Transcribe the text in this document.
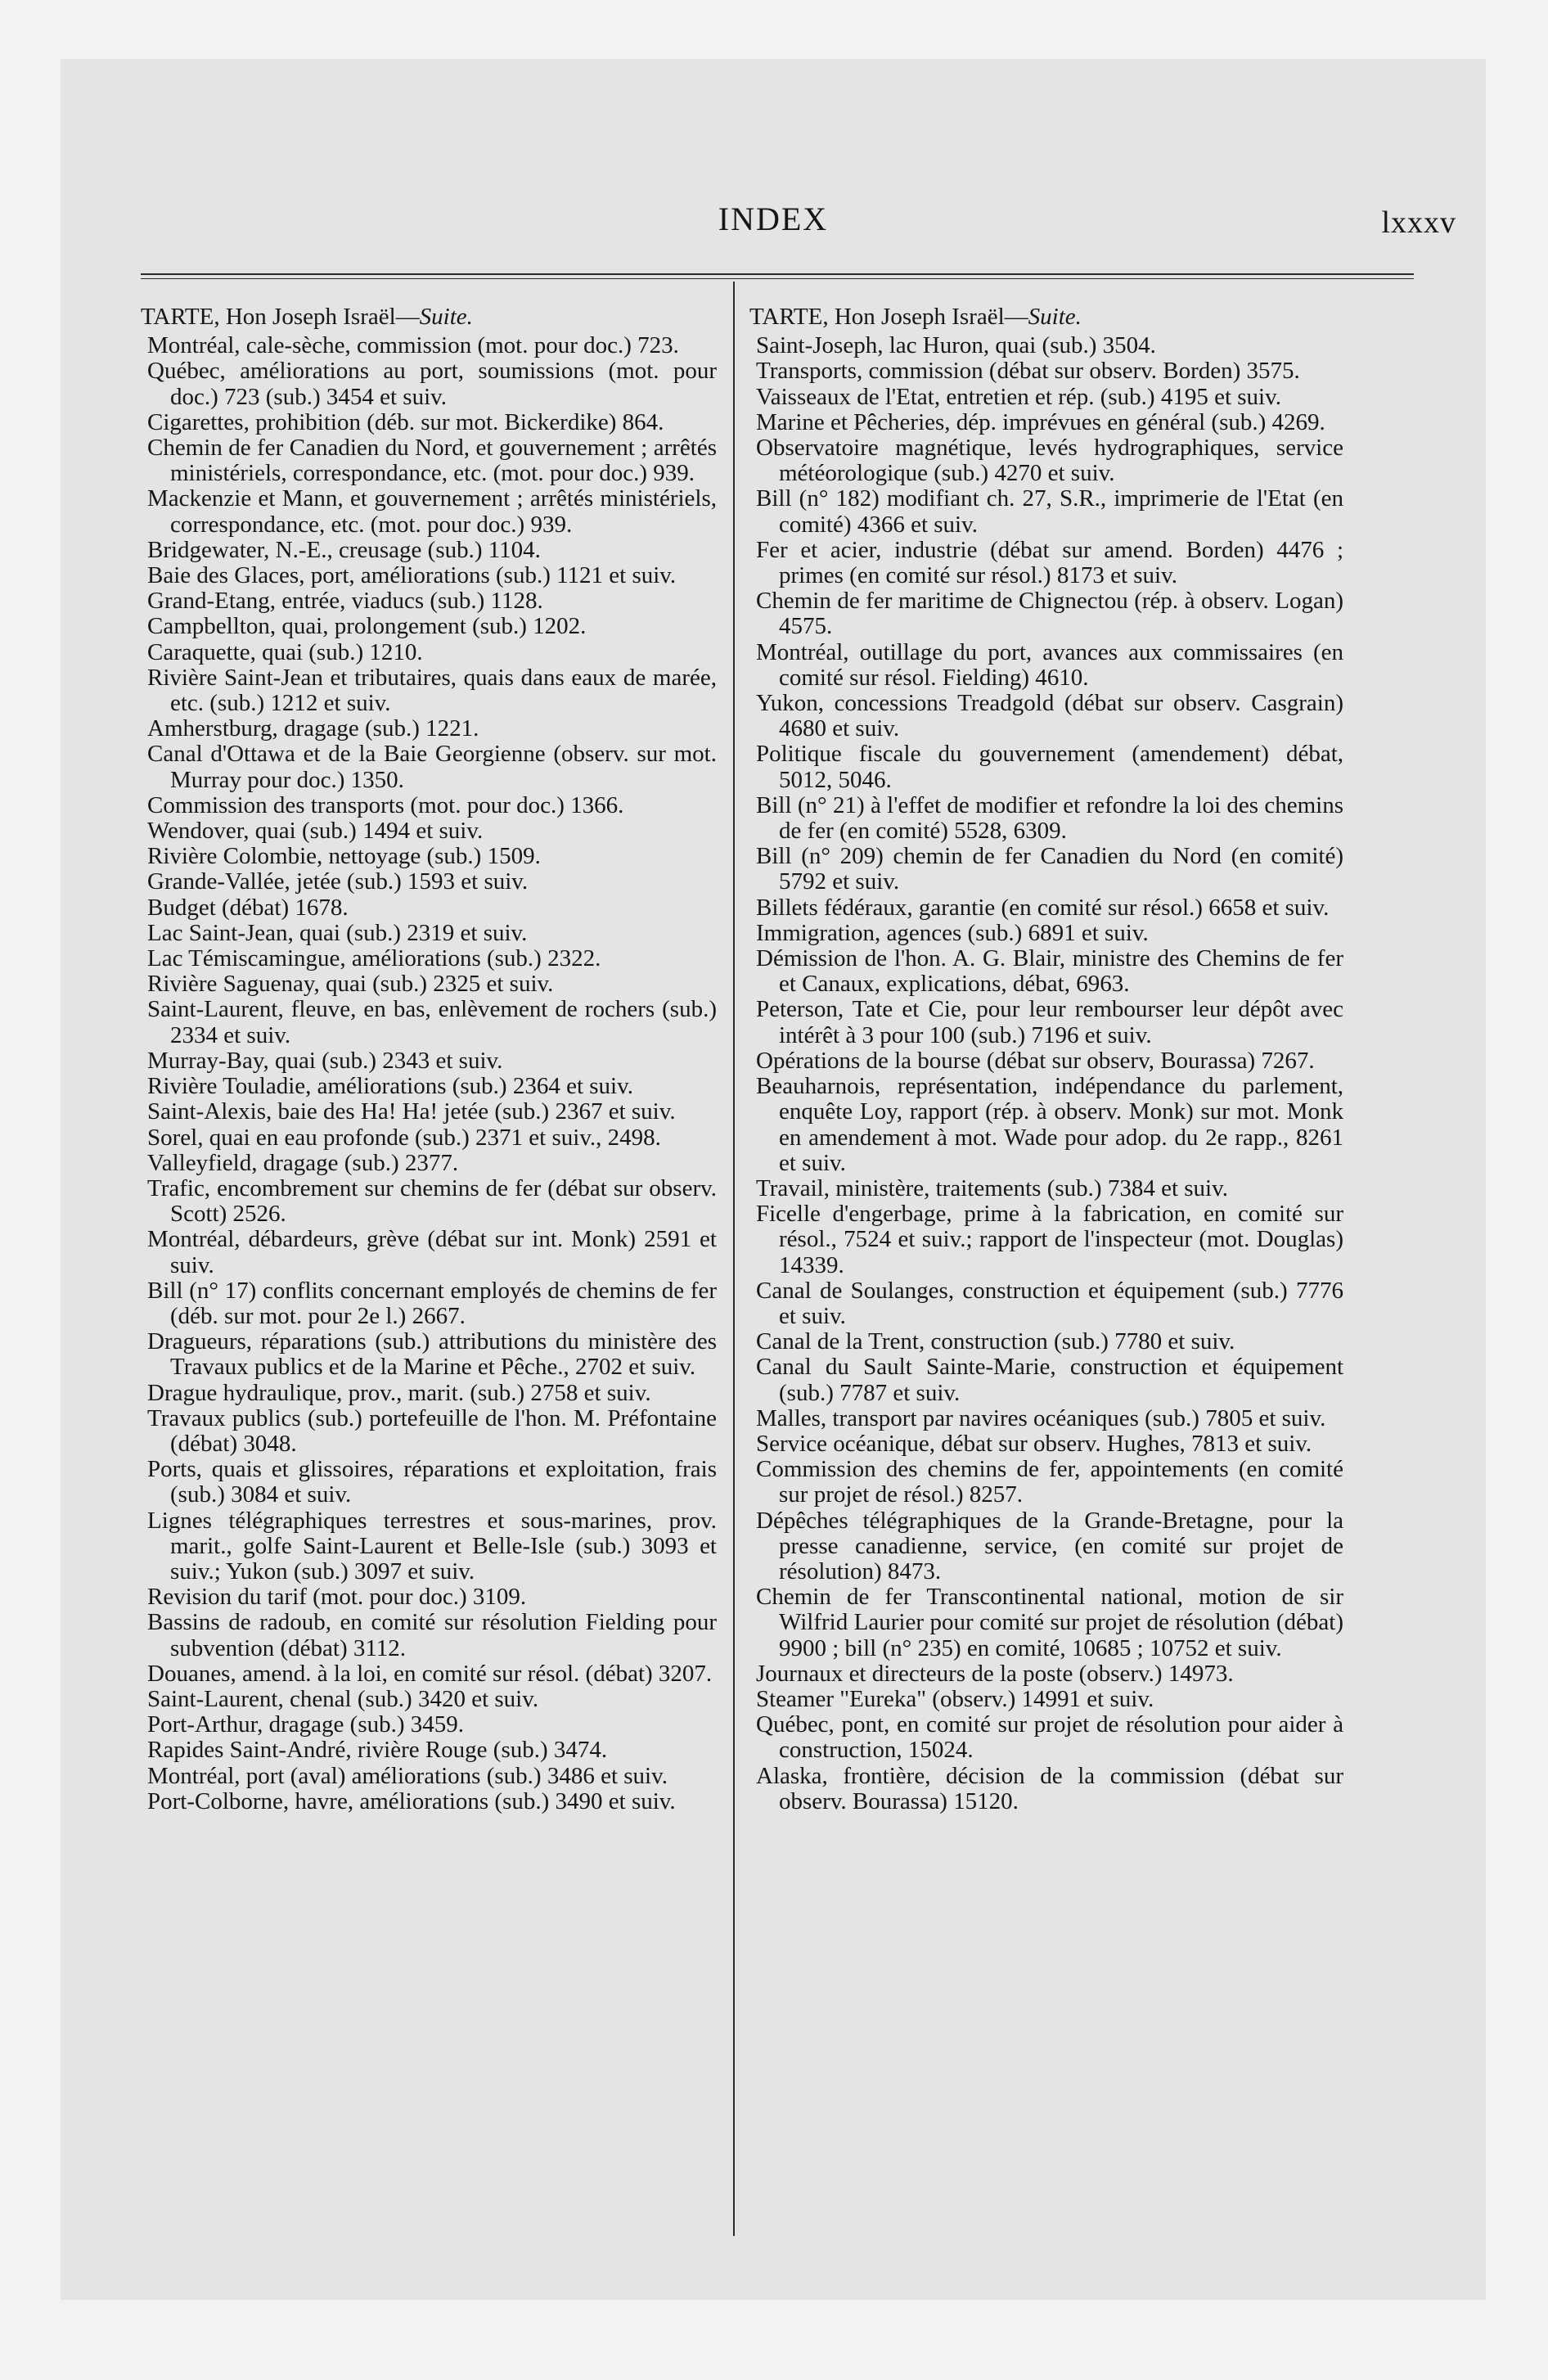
INDEX	lxxxv

TARTE, Hon Joseph Israël—Suite.

Montréal, cale-sèche, commission (mot. pour doc.) 723.

Québec, améliorations au port, soumissions (mot. pour doc.) 723 (sub.) 3454 et suiv.

Cigarettes, prohibition (déb. sur mot. Bickerdike) 864.

Chemin de fer Canadien du Nord, et gouvernement ; arrêtés ministériels, correspondance, etc. (mot. pour doc.) 939.

Mackenzie et Mann, et gouvernement ; arrêtés ministériels, correspondance, etc. (mot. pour doc.) 939.

Bridgewater, N.-E., creusage (sub.) 1104.

Baie des Glaces, port, améliorations (sub.) 1121 et suiv.

Grand-Etang, entrée, viaducs (sub.) 1128.

Campbellton, quai, prolongement (sub.) 1202.

Caraquette, quai (sub.) 1210.

Rivière Saint-Jean et tributaires, quais dans eaux de marée, etc. (sub.) 1212 et suiv.

Amherstburg, dragage (sub.) 1221.

Canal d'Ottawa et de la Baie Georgienne (observ. sur mot. Murray pour doc.) 1350.

Commission des transports (mot. pour doc.) 1366.

Wendover, quai (sub.) 1494 et suiv.

Rivière Colombie, nettoyage (sub.) 1509.

Grande-Vallée, jetée (sub.) 1593 et suiv.

Budget (débat) 1678.

Lac Saint-Jean, quai (sub.) 2319 et suiv.

Lac Témiscamingue, améliorations (sub.) 2322.

Rivière Saguenay, quai (sub.) 2325 et suiv.

Saint-Laurent, fleuve, en bas, enlèvement de rochers (sub.) 2334 et suiv.

Murray-Bay, quai (sub.) 2343 et suiv.

Rivière Touladie, améliorations (sub.) 2364 et suiv.

Saint-Alexis, baie des Ha! Ha! jetée (sub.) 2367 et suiv.

Sorel, quai en eau profonde (sub.) 2371 et suiv., 2498.

Valleyfield, dragage (sub.) 2377.

Trafic, encombrement sur chemins de fer (débat sur observ. Scott) 2526.

Montréal, débardeurs, grève (débat sur int. Monk) 2591 et suiv.

Bill (n° 17) conflits concernant employés de chemins de fer (déb. sur mot. pour 2e l.) 2667.

Dragueurs, réparations (sub.) attributions du ministère des Travaux publics et de la Marine et Pêche., 2702 et suiv.

Drague hydraulique, prov., marit. (sub.) 2758 et suiv.

Travaux publics (sub.) portefeuille de l'hon. M. Préfontaine (débat) 3048.

Ports, quais et glissoires, réparations et exploitation, frais (sub.) 3084 et suiv.

Lignes télégraphiques terrestres et sous-marines, prov. marit., golfe Saint-Laurent et Belle-Isle (sub.) 3093 et suiv.; Yukon (sub.) 3097 et suiv.

Revision du tarif (mot. pour doc.) 3109.

Bassins de radoub, en comité sur résolution Fielding pour subvention (débat) 3112.

Douanes, amend. à la loi, en comité sur résol. (débat) 3207.

Saint-Laurent, chenal (sub.) 3420 et suiv.

Port-Arthur, dragage (sub.) 3459.

Rapides Saint-André, rivière Rouge (sub.) 3474.

Montréal, port (aval) améliorations (sub.) 3486 et suiv.

Port-Colborne, havre, améliorations (sub.) 3490 et suiv.

TARTE, Hon Joseph Israël—Suite.

Saint-Joseph, lac Huron, quai (sub.) 3504.

Transports, commission (débat sur observ. Borden) 3575.

Vaisseaux de l'Etat, entretien et rép. (sub.) 4195 et suiv.

Marine et Pêcheries, dép. imprévues en général (sub.) 4269.

Observatoire magnétique, levés hydrographiques, service météorologique (sub.) 4270 et suiv.

Bill (n° 182) modifiant ch. 27, S.R., imprimerie de l'Etat (en comité) 4366 et suiv.

Fer et acier, industrie (débat sur amend. Borden) 4476 ; primes (en comité sur résol.) 8173 et suiv.

Chemin de fer maritime de Chignectou (rép. à observ. Logan) 4575.

Montréal, outillage du port, avances aux commissaires (en comité sur résol. Fielding) 4610.

Yukon, concessions Treadgold (débat sur observ. Casgrain) 4680 et suiv.

Politique fiscale du gouvernement (amendement) débat, 5012, 5046.

Bill (n° 21) à l'effet de modifier et refondre la loi des chemins de fer (en comité) 5528, 6309.

Bill (n° 209) chemin de fer Canadien du Nord (en comité) 5792 et suiv.

Billets fédéraux, garantie (en comité sur résol.) 6658 et suiv.

Immigration, agences (sub.) 6891 et suiv.

Démission de l'hon. A. G. Blair, ministre des Chemins de fer et Canaux, explications, débat, 6963.

Peterson, Tate et Cie, pour leur rembourser leur dépôt avec intérêt à 3 pour 100 (sub.) 7196 et suiv.

Opérations de la bourse (débat sur observ, Bourassa) 7267.

Beauharnois, représentation, indépendance du parlement, enquête Loy, rapport (rép. à observ. Monk) sur mot. Monk en amendement à mot. Wade pour adop. du 2e rapp., 8261 et suiv.

Travail, ministère, traitements (sub.) 7384 et suiv.

Ficelle d'engerbage, prime à la fabrication, en comité sur résol., 7524 et suiv.; rapport de l'inspecteur (mot. Douglas) 14339.

Canal de Soulanges, construction et équipement (sub.) 7776 et suiv.

Canal de la Trent, construction (sub.) 7780 et suiv.

Canal du Sault Sainte-Marie, construction et équipement (sub.) 7787 et suiv.

Malles, transport par navires océaniques (sub.) 7805 et suiv.

Service océanique, débat sur observ. Hughes, 7813 et suiv.

Commission des chemins de fer, appointements (en comité sur projet de résol.) 8257.

Dépêches télégraphiques de la Grande-Bretagne, pour la presse canadienne, service, (en comité sur projet de résolution) 8473.

Chemin de fer Transcontinental national, motion de sir Wilfrid Laurier pour comité sur projet de résolution (débat) 9900 ; bill (n° 235) en comité, 10685 ; 10752 et suiv.

Journaux et directeurs de la poste (observ.) 14973.

Steamer "Eureka" (observ.) 14991 et suiv.

Québec, pont, en comité sur projet de résolution pour aider à construction, 15024.

Alaska, frontière, décision de la commission (débat sur observ. Bourassa) 15120.
